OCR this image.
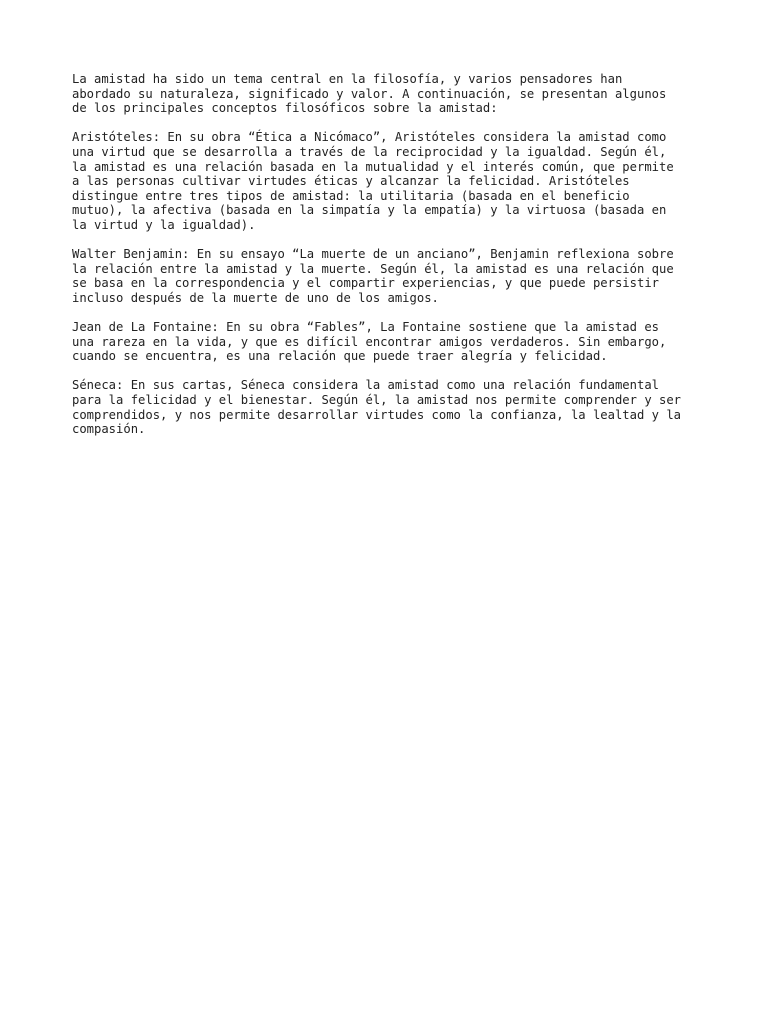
La amistad ha sido un tema central en la filosofía, y varios pensadores han
abordado su naturaleza, significado y valor. A continuación, se presentan algunos
de los principales conceptos filosóficos sobre la amistad:

Aristóteles: En su obra “Ética a Nicómaco”, Aristóteles considera la amistad como
una virtud que se desarrolla a través de la reciprocidad y la igualdad. Según él,
la amistad es una relación basada en la mutualidad y el interés común, que permite
a las personas cultivar virtudes éticas y alcanzar la felicidad. Aristóteles
distingue entre tres tipos de amistad: la utilitaria (basada en el beneficio
mutuo), la afectiva (basada en la simpatía y la empatía) y la virtuosa (basada en
la virtud y la igualdad).

Walter Benjamin: En su ensayo “La muerte de un anciano”, Benjamin reflexiona sobre
la relación entre la amistad y la muerte. Según él, la amistad es una relación que
se basa en la correspondencia y el compartir experiencias, y que puede persistir
incluso después de la muerte de uno de los amigos.

Jean de La Fontaine: En su obra “Fables”, La Fontaine sostiene que la amistad es
una rareza en la vida, y que es difícil encontrar amigos verdaderos. Sin embargo,
cuando se encuentra, es una relación que puede traer alegría y felicidad.

Séneca: En sus cartas, Séneca considera la amistad como una relación fundamental
para la felicidad y el bienestar. Según él, la amistad nos permite comprender y ser
comprendidos, y nos permite desarrollar virtudes como la confianza, la lealtad y la
compasión.
